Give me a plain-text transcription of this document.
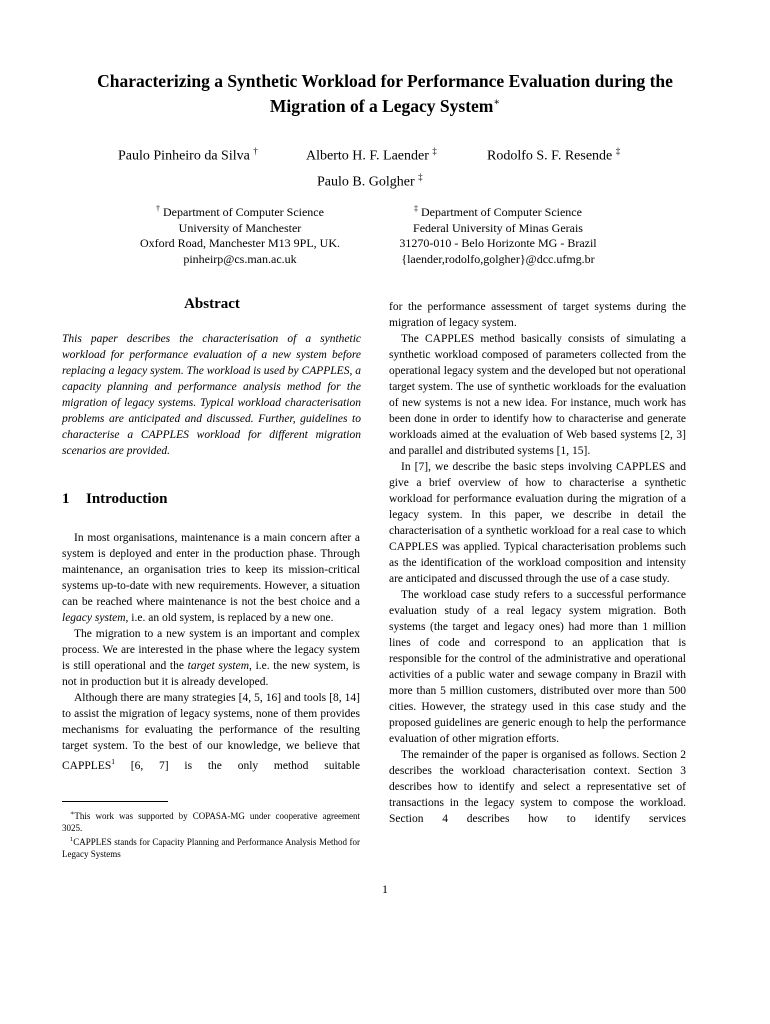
Characterizing a Synthetic Workload for Performance Evaluation during the Migration of a Legacy System∗
Paulo Pinheiro da Silva †	Alberto H. F. Laender ‡	Rodolfo S. F. Resende ‡
Paulo B. Golgher ‡
† Department of Computer Science
University of Manchester
Oxford Road, Manchester M13 9PL, UK.
pinheirp@cs.man.ac.uk
‡ Department of Computer Science
Federal University of Minas Gerais
31270-010 - Belo Horizonte MG - Brazil
{laender,rodolfo,golgher}@dcc.ufmg.br
Abstract

This paper describes the characterisation of a synthetic workload for performance evaluation of a new system before replacing a legacy system. The workload is used by CAPPLES, a capacity planning and performance analysis method for the migration of legacy systems. Typical workload characterisation problems are anticipated and discussed. Further, guidelines to characterise a CAPPLES workload for different migration scenarios are provided.

1 Introduction

In most organisations, maintenance is a main concern after a system is deployed and enter in the production phase. Through maintenance, an organisation tries to keep its mission-critical systems up-to-date with new requirements. However, a situation can be reached where maintenance is not the best choice and a legacy system, i.e. an old system, is replaced by a new one.

The migration to a new system is an important and complex process. We are interested in the phase where the legacy system is still operational and the target system, i.e. the new system, is not in production but it is already developed.

Although there are many strategies [4, 5, 16] and tools [8, 14] to assist the migration of legacy systems, none of them provides mechanisms for evaluating the performance of the resulting target system. To the best of our knowledge, we believe that CAPPLES$^1$ [6, 7] is the only method suitable

∗This work was supported by COPASA-MG under cooperative agreement 3025.

$^1$CAPPLES stands for Capacity Planning and Performance Analysis Method for Legacy Systems

for the performance assessment of target systems during the migration of legacy system.

The CAPPLES method basically consists of simulating a synthetic workload composed of parameters collected from the operational legacy system and the developed but not operational target system. The use of synthetic workloads for the evaluation of new systems is not a new idea. For instance, much work has been done in order to identify how to characterise and generate workloads aimed at the evaluation of Web based systems [2, 3] and parallel and distributed systems [1, 15].

In [7], we describe the basic steps involving CAPPLES and give a brief overview of how to characterise a synthetic workload for performance evaluation during the migration of a legacy system. In this paper, we describe in detail the characterisation of a synthetic workload for a real case to which CAPPLES was applied. Typical characterisation problems such as the identification of the workload composition and intensity are anticipated and discussed through the use of a case study.

The workload case study refers to a successful performance evaluation study of a real legacy system migration. Both systems (the target and legacy ones) had more than 1 million lines of code and correspond to an application that is responsible for the control of the administrative and operational activities of a public water and sewage company in Brazil with more than 5 million customers, distributed over more than 500 cities. However, the strategy used in this case study and the proposed guidelines are generic enough to help the performance evaluation of other migration efforts.

The remainder of the paper is organised as follows. Section 2 describes the workload characterisation context. Section 3 describes how to identify and select a representative set of transactions in the legacy system to compose the workload. Section 4 describes how to identify services

1
